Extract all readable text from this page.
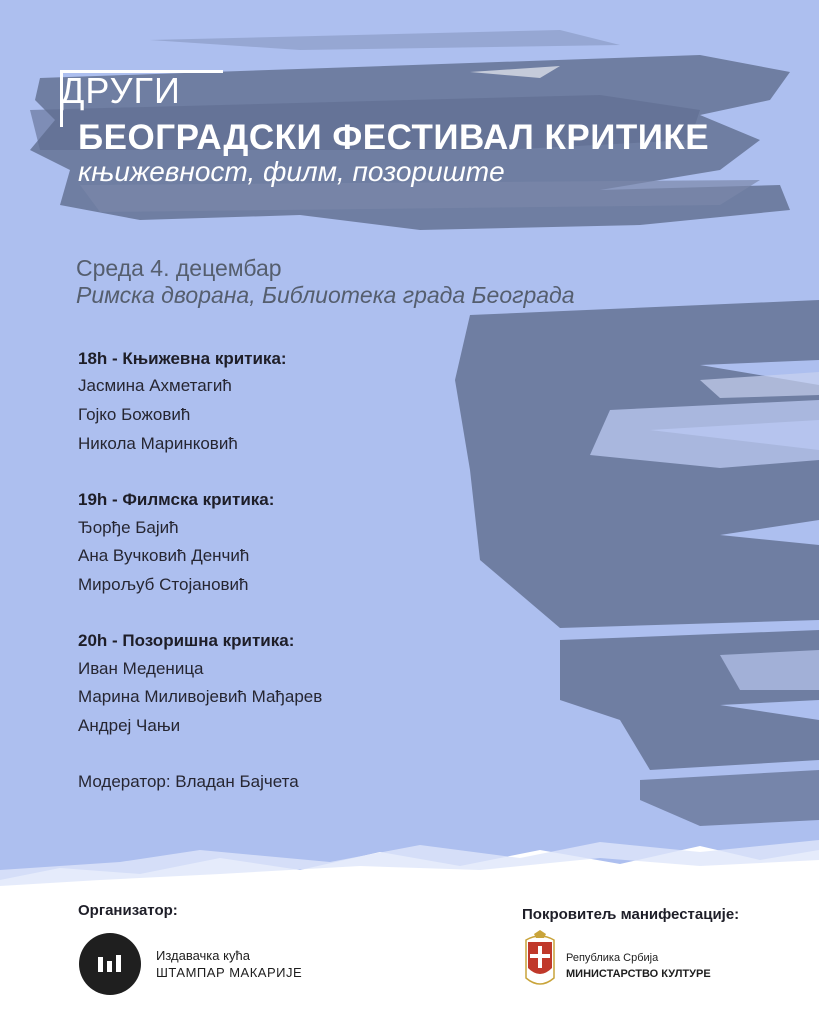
ДРУГИ
БЕОГРАДСКИ ФЕСТИВАЛ КРИТИКЕ
књижевност, филм, позориште
Среда 4. децембар
Римска дворана, Библиотека града Београда
18h - Књижевна критика:
Јасмина Ахметагић
Гојко Божовић
Никола Маринковић
19h - Филмска критика:
Ђорђе Бајић
Ана Вучковић Денчић
Мирољуб Стојановић
20h - Позоришна критика:
Иван Меденица
Марина Миливојевић Мађарев
Андреј Чањи
Модератор: Владан Бајчета
Организатор:
Издавачка кућа
ШТАМПАР МАКАРИЈЕ
Покровитељ манифестације:
Република Србија
МИНИСТАРСТВО КУЛТУРЕ
